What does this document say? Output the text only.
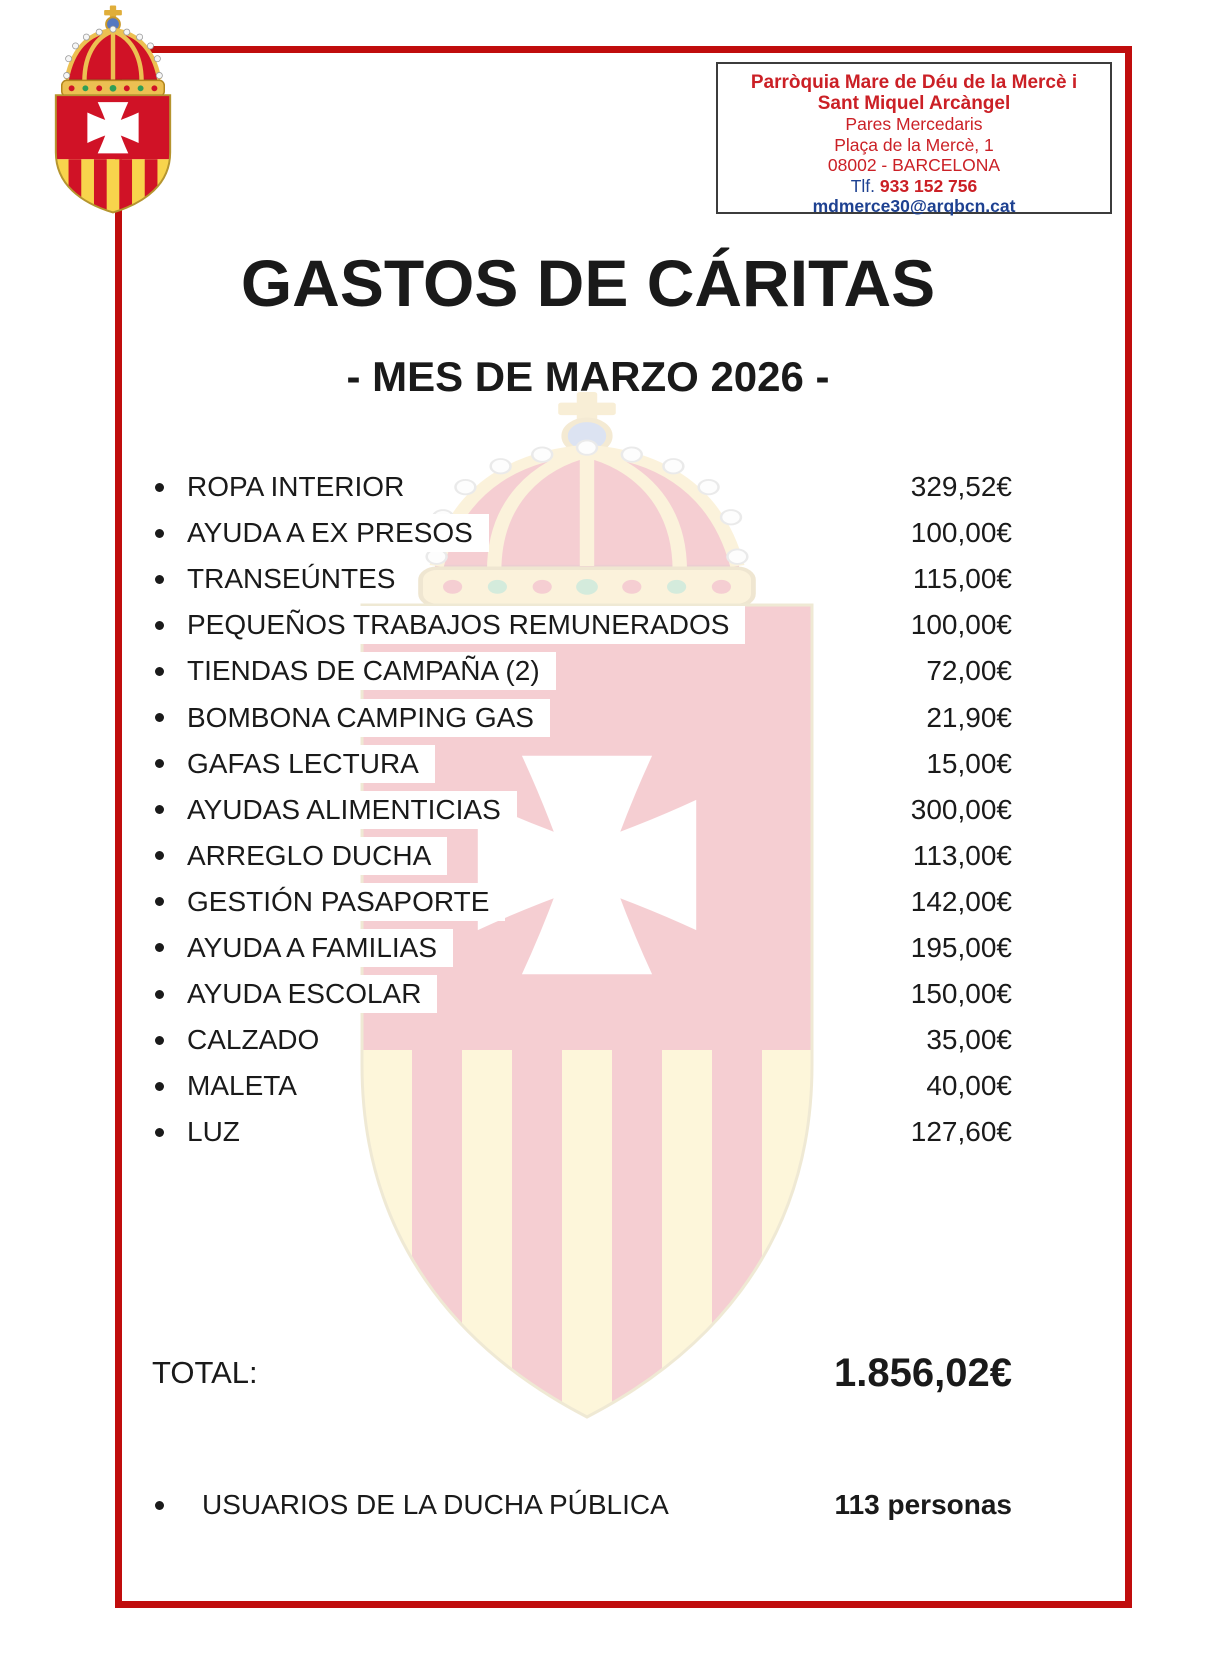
Parròquia Mare de Déu de la Mercè i
Sant Miquel Arcàngel
Pares Mercedaris
Plaça de la Mercè, 1
08002 - BARCELONA
Tlf. 933 152 756
mdmerce30@arqbcn.cat
GASTOS DE CÁRITAS
- MES DE MARZO 2026 -
ROPA INTERIOR	329,52€
AYUDA A EX PRESOS	100,00€
TRANSEÚNTES	115,00€
PEQUEÑOS TRABAJOS REMUNERADOS	100,00€
TIENDAS DE CAMPAÑA (2)	72,00€
BOMBONA CAMPING GAS	21,90€
GAFAS LECTURA	15,00€
AYUDAS ALIMENTICIAS	300,00€
ARREGLO DUCHA	113,00€
GESTIÓN PASAPORTE	142,00€
AYUDA A FAMILIAS	195,00€
AYUDA ESCOLAR	150,00€
CALZADO	35,00€
MALETA	40,00€
LUZ	127,60€
TOTAL:	1.856,02€
USUARIOS DE LA DUCHA PÚBLICA	113 personas
